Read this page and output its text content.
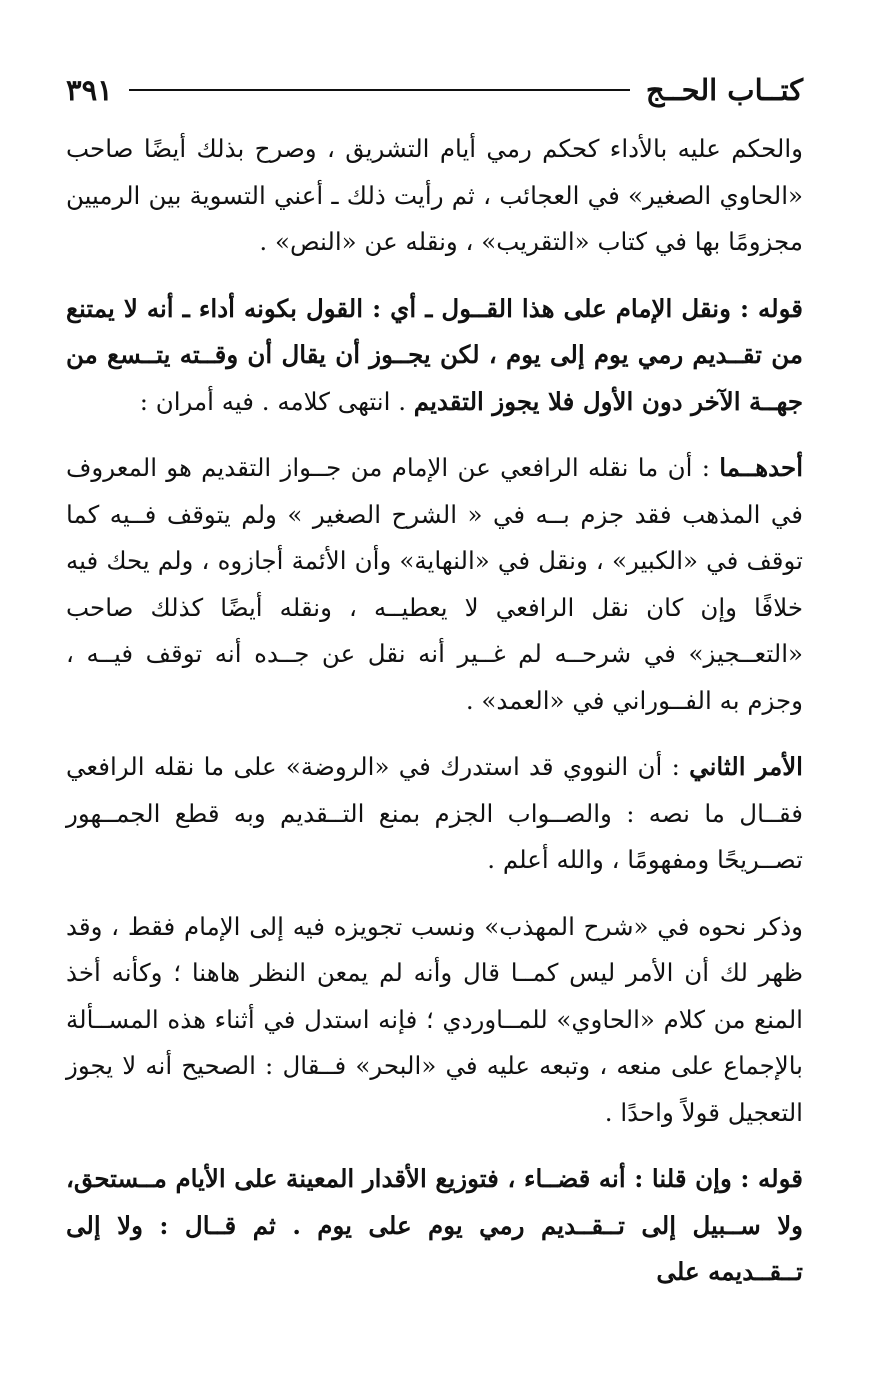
كتــاب الحــج
٣٩١

والحكم عليه بالأداء كحكم رمي أيام التشريق ، وصرح بذلك أيضًا صاحب «الحاوي الصغير» في العجائب ، ثم رأيت ذلك ـ أعني التسوية بين الرميين مجزومًا بها في كتاب «التقريب» ، ونقله عن «النص» .

قوله : ونقل الإمام على هذا القــول ـ أي : القول بكونه أداء ـ أنه لا يمتنع من تقــديم رمي يوم إلى يوم ، لكن يجــوز أن يقال أن وقــته يتــسع من جهــة الآخر دون الأول فلا يجوز التقديم . انتهى كلامه . فيه أمران :

أحدهــما : أن ما نقله الرافعي عن الإمام من جــواز التقديم هو المعروف في المذهب فقد جزم بــه في « الشرح الصغير » ولم يتوقف فــيه كما توقف في «الكبير» ، ونقل في «النهاية» وأن الأئمة أجازوه ، ولم يحك فيه خلافًا وإن كان نقل الرافعي لا يعطيــه ، ونقله أيضًا كذلك صاحب «التعــجيز» في شرحــه لم غــير أنه نقل عن جــده أنه توقف فيــه ، وجزم به الفــوراني في «العمد» .

الأمر الثاني : أن النووي قد استدرك في «الروضة» على ما نقله الرافعي فقــال ما نصه : والصــواب الجزم بمنع التــقديم وبه قطع الجمــهور تصــريحًا ومفهومًا ، والله أعلم .

وذكر نحوه في «شرح المهذب» ونسب تجويزه فيه إلى الإمام فقط ، وقد ظهر لك أن الأمر ليس كمــا قال وأنه لم يمعن النظر هاهنا ؛ وكأنه أخذ المنع من كلام «الحاوي» للمــاوردي ؛ فإنه استدل في أثناء هذه المســألة بالإجماع على منعه ، وتبعه عليه في «البحر» فــقال : الصحيح أنه لا يجوز التعجيل قولاً واحدًا .

قوله : وإن قلنا : أنه قضــاء ، فتوزيع الأقدار المعينة على الأيام مــستحق، ولا ســبيل إلى تــقــديم رمي يوم على يوم . ثم قــال : ولا إلى تــقــديمه على
